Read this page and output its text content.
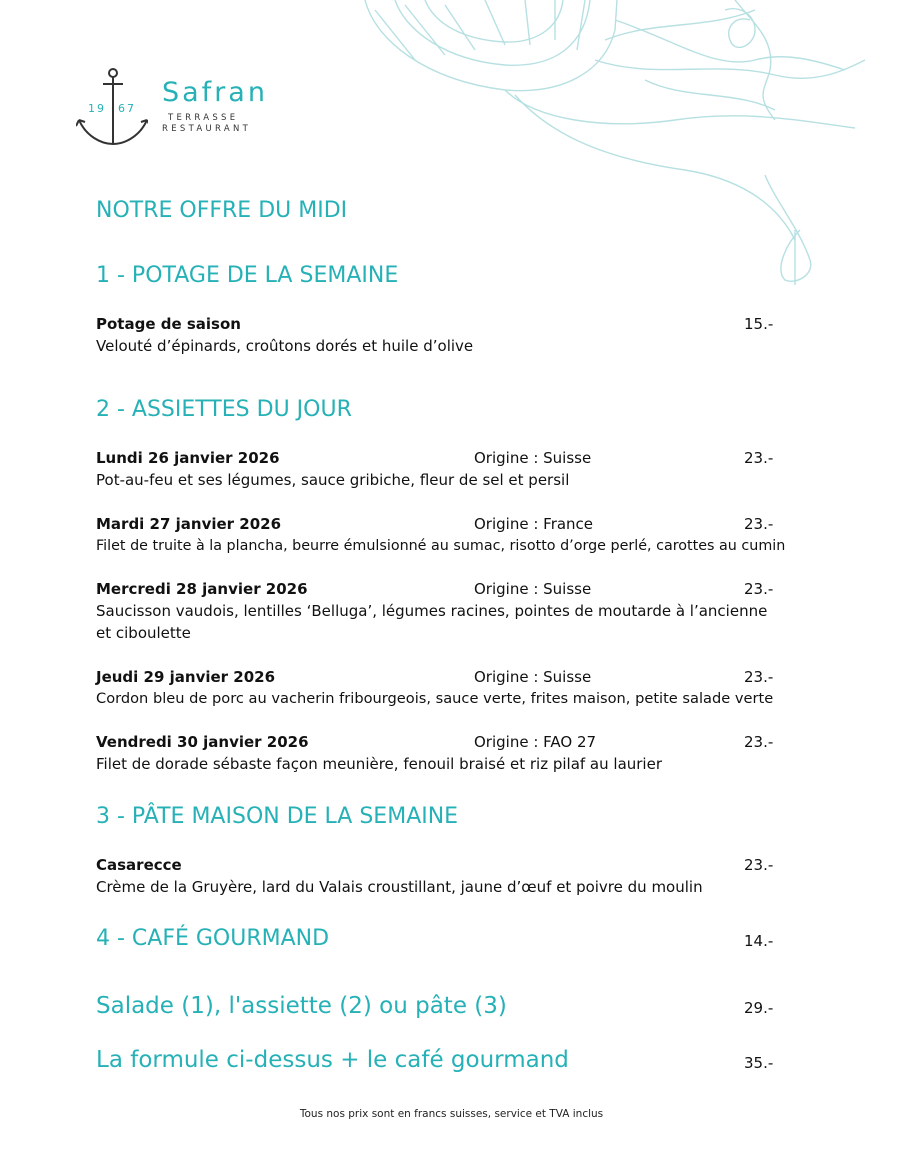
19 67
Safran
TERRASSE
RESTAURANT
NOTRE OFFRE DU MIDI
1 - POTAGE DE LA SEMAINE
Potage de saison	15.-
Velouté d’épinards, croûtons dorés et huile d’olive
2 - ASSIETTES DU JOUR
Lundi 26 janvier 2026	Origine : Suisse	23.-
Pot-au-feu et ses légumes, sauce gribiche, fleur de sel et persil
Mardi 27 janvier 2026	Origine : France	23.-
Filet de truite à la plancha, beurre émulsionné au sumac, risotto d’orge perlé, carottes au cumin
Mercredi 28 janvier 2026	Origine : Suisse	23.-
Saucisson vaudois, lentilles ‘Belluga’, légumes racines, pointes de moutarde à l’ancienne et ciboulette
Jeudi 29 janvier 2026	Origine : Suisse	23.-
Cordon bleu de porc au vacherin fribourgeois, sauce verte, frites maison, petite salade verte
Vendredi 30 janvier 2026	Origine : FAO 27	23.-
Filet de dorade sébaste façon meunière, fenouil braisé et riz pilaf au laurier
3 - PÂTE MAISON DE LA SEMAINE
Casarecce	23.-
Crème de la Gruyère, lard du Valais croustillant, jaune d’œuf et poivre du moulin
4 - CAFÉ GOURMAND	14.-
Salade (1), l'assiette (2) ou pâte (3)	29.-
La formule ci-dessus + le café gourmand	35.-
Tous nos prix sont en francs suisses, service et TVA inclus
